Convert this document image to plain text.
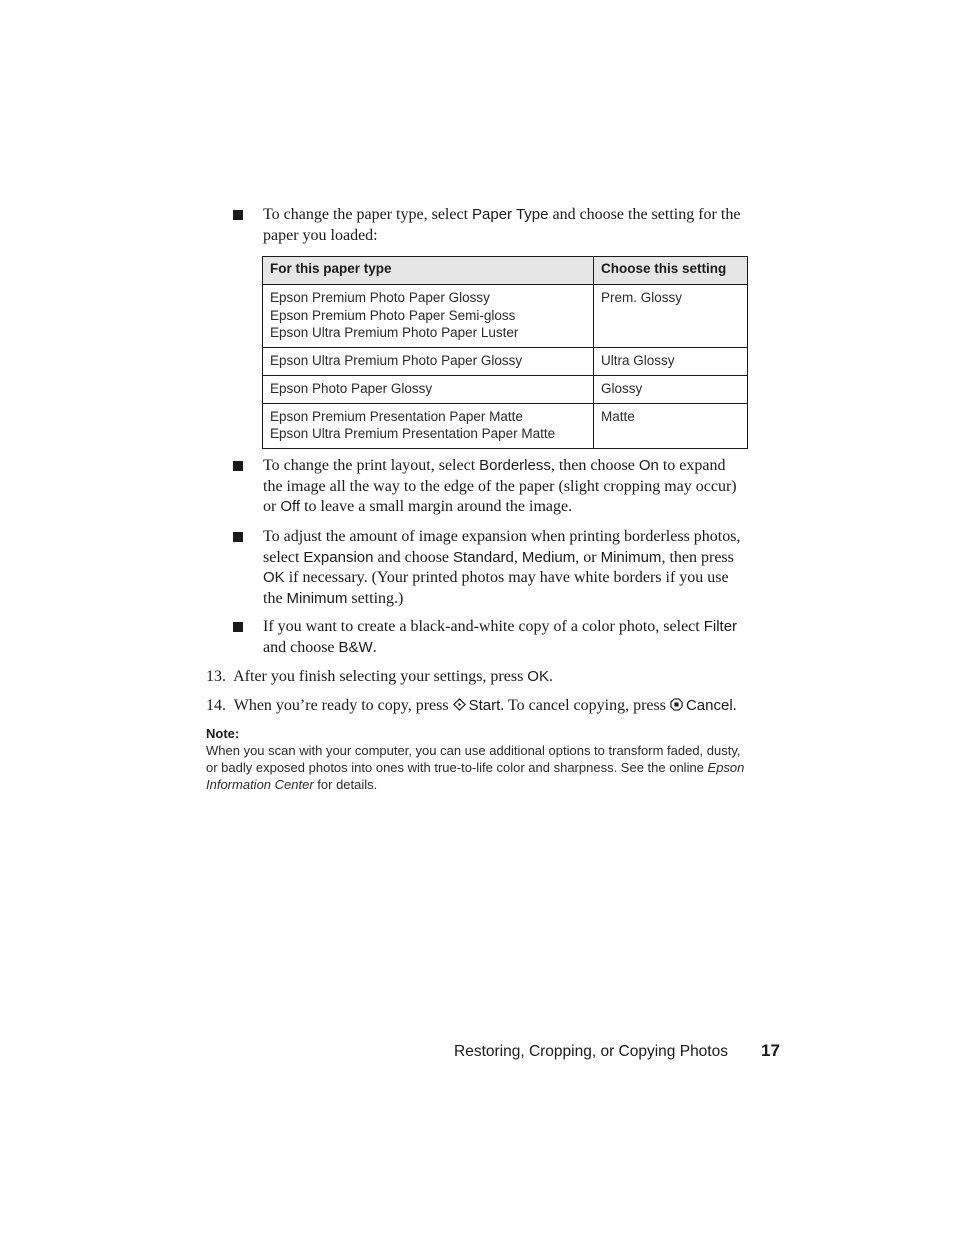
To change the paper type, select Paper Type and choose the setting for the paper you loaded:
For this paper type	Choose this setting

Epson Premium Photo Paper Glossy
Epson Premium Photo Paper Semi-gloss
Epson Ultra Premium Photo Paper Luster	Prem. Glossy

Epson Ultra Premium Photo Paper Glossy	Ultra Glossy

Epson Photo Paper Glossy	Glossy

Epson Premium Presentation Paper Matte
Epson Ultra Premium Presentation Paper Matte	Matte
To change the print layout, select Borderless, then choose On to expand the image all the way to the edge of the paper (slight cropping may occur) or Off to leave a small margin around the image.
To adjust the amount of image expansion when printing borderless photos, select Expansion and choose Standard, Medium, or Minimum, then press OK if necessary. (Your printed photos may have white borders if you use the Minimum setting.)
If you want to create a black-and-white copy of a color photo, select Filter and choose B&W.
13. After you finish selecting your settings, press OK.
14. When you’re ready to copy, press Start. To cancel copying, press Cancel.
Note:
When you scan with your computer, you can use additional options to transform faded, dusty, or badly exposed photos into ones with true-to-life color and sharpness. See the online Epson Information Center for details.
Restoring, Cropping, or Copying Photos 17
